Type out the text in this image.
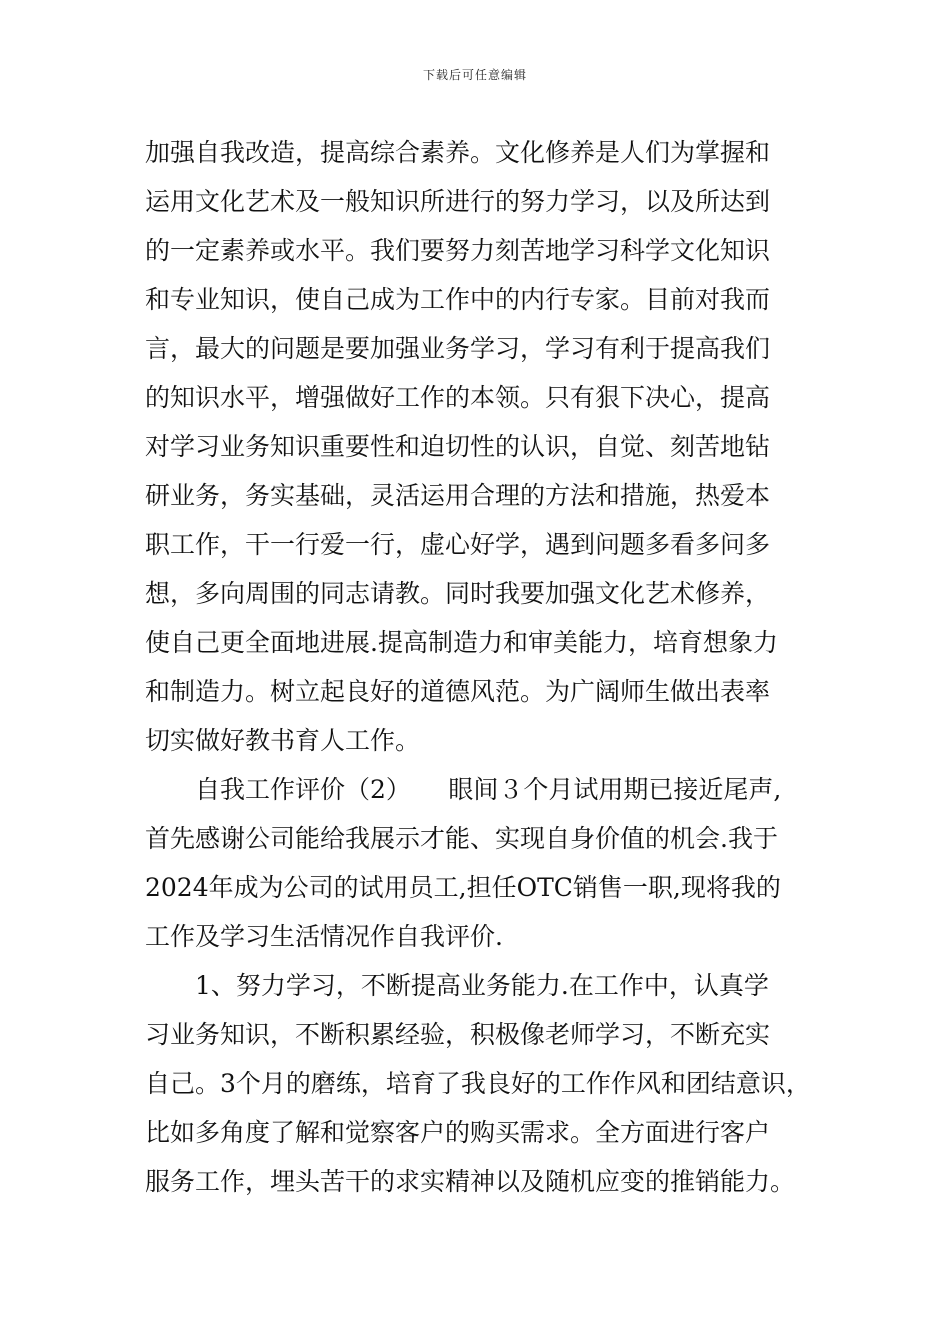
下载后可任意编辑
加强自我改造，提高综合素养。文化修养是人们为掌握和
运用文化艺术及一般知识所进行的努力学习，以及所达到
的一定素养或水平。我们要努力刻苦地学习科学文化知识
和专业知识，使自己成为工作中的内行专家。目前对我而
言，最大的问题是要加强业务学习，学习有利于提高我们
的知识水平，增强做好工作的本领。只有狠下决心，提高
对学习业务知识重要性和迫切性的认识，自觉、刻苦地钻
研业务，务实基础，灵活运用合理的方法和措施，热爱本
职工作，干一行爱一行，虚心好学，遇到问题多看多问多
想，多向周围的同志请教。同时我要加强文化艺术修养，
使自己更全面地进展.提高制造力和审美能力，培育想象力
和制造力。树立起良好的道德风范。为广阔师生做出表率
切实做好教书育人工作。
自我工作评价（2）　　眼间３个月试用期已接近尾声,
首先感谢公司能给我展示才能、实现自身价值的机会.我于
2024年成为公司的试用员工,担任OTC销售一职,现将我的
工作及学习生活情况作自我评价.
1、努力学习，不断提高业务能力.在工作中，认真学
习业务知识，不断积累经验，积极像老师学习，不断充实
自己。3个月的磨练，培育了我良好的工作作风和团结意识，
比如多角度了解和觉察客户的购买需求。全方面进行客户
服务工作，埋头苦干的求实精神以及随机应变的推销能力。
